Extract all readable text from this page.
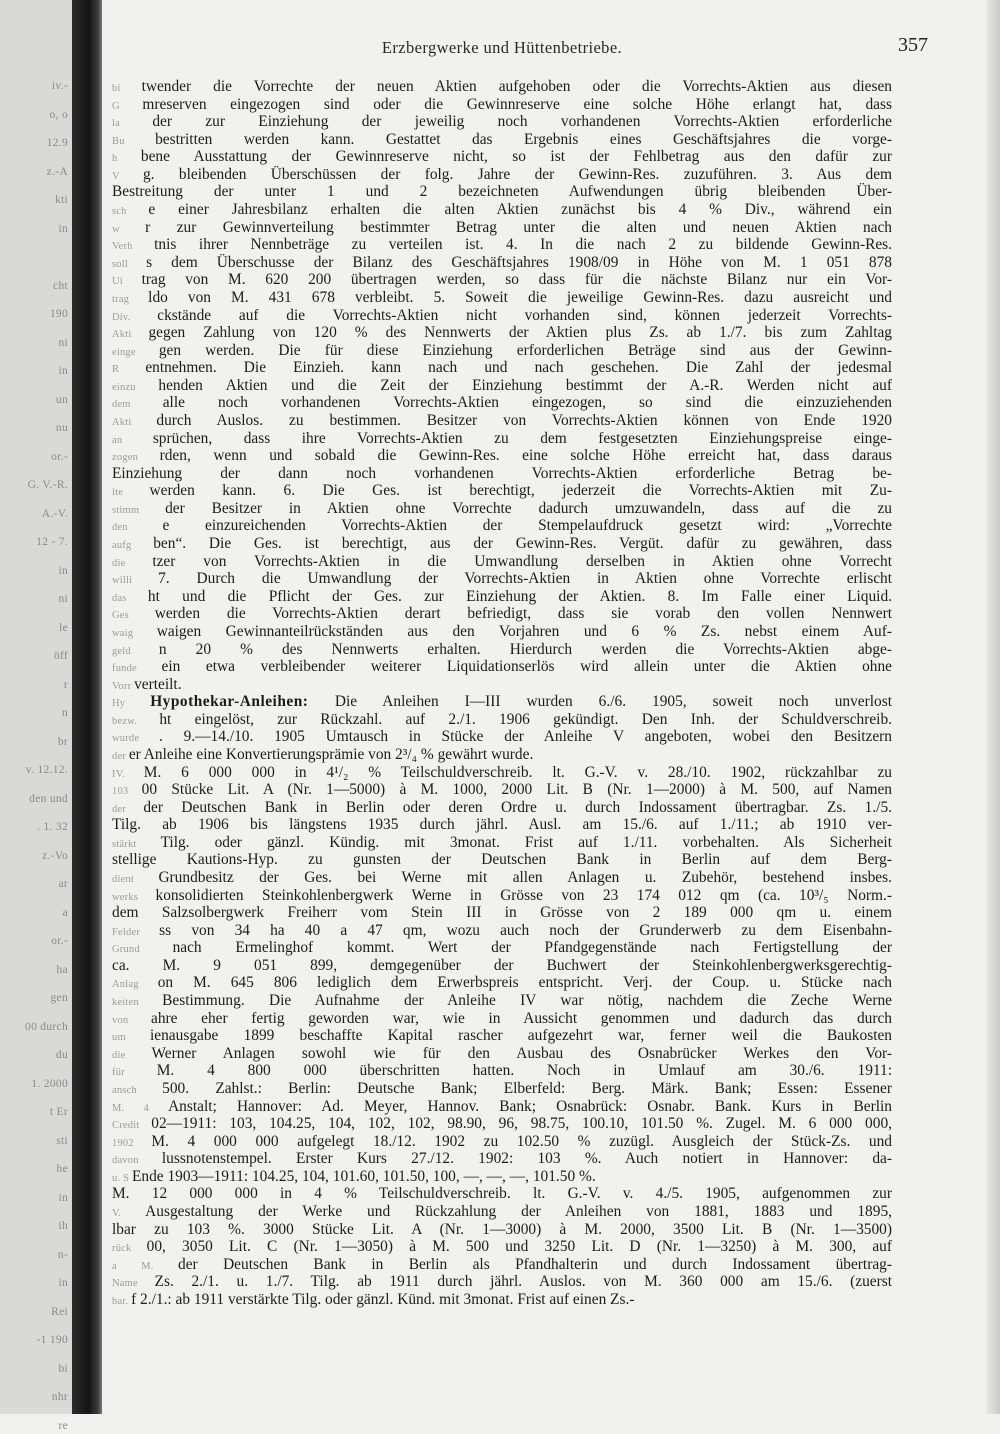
iv.-
o, o
12.9
z.-A
kti
in
cht
190
ni
in
un
nu
or.-
G. V.-R.
A.-V.
12 - 7.
in
ni
le
öff
r
n
br
v. 12.12.
den und
. 1. 32
z.-Vo
ar
a
or.-
ha
gen
00 durch
du
1. 2000
t Er
sti
he
in
ih
n-
in
Rei
-1 190
bi
nhr
re
Erzbergwerke und Hüttenbetriebe.	357
bi twender die Vorrechte der neuen Aktien aufgehoben oder die Vorrechts-Aktien aus diesen
G mreserven eingezogen sind oder die Gewinnreserve eine solche Höhe erlangt hat, dass
la der zur Einziehung der jeweilig noch vorhandenen Vorrechts-Aktien erforderliche
Bu bestritten werden kann. Gestattet das Ergebnis eines Geschäftsjahres die vorge-
h bene Ausstattung der Gewinnreserve nicht, so ist der Fehlbetrag aus den dafür zur
V g. bleibenden Überschüssen der folg. Jahre der Gewinn-Res. zuzuführen. 3. Aus dem
Bestreitung der unter 1 und 2 bezeichneten Aufwendungen übrig bleibenden Über-
sch e einer Jahresbilanz erhalten die alten Aktien zunächst bis 4 % Div., während ein
w r zur Gewinnverteilung bestimmter Betrag unter die alten und neuen Aktien nach
Verh tnis ihrer Nennbeträge zu verteilen ist. 4. In die nach 2 zu bildende Gewinn-Res.
soll s dem Überschusse der Bilanz des Geschäftsjahres 1908/09 in Höhe von M. 1 051 878
Ui trag von M. 620 200 übertragen werden, so dass für die nächste Bilanz nur ein Vor-
trag ldo von M. 431 678 verbleibt. 5. Soweit die jeweilige Gewinn-Res. dazu ausreicht und
Div. ckstände auf die Vorrechts-Aktien nicht vorhanden sind, können jederzeit Vorrechts-
Akti gegen Zahlung von 120 % des Nennwerts der Aktien plus Zs. ab 1./7. bis zum Zahltag
einge gen werden. Die für diese Einziehung erforderlichen Beträge sind aus der Gewinn-
R entnehmen. Die Einzieh. kann nach und nach geschehen. Die Zahl der jedesmal
einzu henden Aktien und die Zeit der Einziehung bestimmt der A.-R. Werden nicht auf
dem alle noch vorhandenen Vorrechts-Aktien eingezogen, so sind die einzuziehenden
Akti durch Auslos. zu bestimmen. Besitzer von Vorrechts-Aktien können von Ende 1920
an sprüchen, dass ihre Vorrechts-Aktien zu dem festgesetzten Einziehungspreise einge-
zogen rden, wenn und sobald die Gewinn-Res. eine solche Höhe erreicht hat, dass daraus
Einziehung der dann noch vorhandenen Vorrechts-Aktien erforderliche Betrag be-
ite werden kann. 6. Die Ges. ist berechtigt, jederzeit die Vorrechts-Aktien mit Zu-
stimm der Besitzer in Aktien ohne Vorrechte dadurch umzuwandeln, dass auf die zu
den e einzureichenden Vorrechts-Aktien der Stempelaufdruck gesetzt wird: „Vorrechte
aufg ben“. Die Ges. ist berechtigt, aus der Gewinn-Res. Vergüt. dafür zu gewähren, dass
die tzer von Vorrechts-Aktien in die Umwandlung derselben in Aktien ohne Vorrecht
willi 7. Durch die Umwandlung der Vorrechts-Aktien in Aktien ohne Vorrechte erlischt
das ht und die Pflicht der Ges. zur Einziehung der Aktien. 8. Im Falle einer Liquid.
Ges werden die Vorrechts-Aktien derart befriedigt, dass sie vorab den vollen Nennwert
waig waigen Gewinnanteilrückständen aus den Vorjahren und 6 % Zs. nebst einem Auf-
geld n 20 % des Nennwerts erhalten. Hierdurch werden die Vorrechts-Aktien abge-
funde ein etwa verbleibender weiterer Liquidationserlös wird allein unter die Aktien ohne
Vorr verteilt.
Hy Hypothekar-Anleihen: Die Anleihen I—III wurden 6./6. 1905, soweit noch unverlost
bezw. ht eingelöst, zur Rückzahl. auf 2./1. 1906 gekündigt. Den Inh. der Schuldverschreib.
wurde . 9.—14./10. 1905 Umtausch in Stücke der Anleihe V angeboten, wobei den Besitzern
der er Anleihe eine Konvertierungsprämie von 2³/₄ % gewährt wurde.
IV. M. 6 000 000 in 4¹/₂ % Teilschuldverschreib. lt. G.-V. v. 28./10. 1902, rückzahlbar zu
103 00 Stücke Lit. A (Nr. 1—5000) à M. 1000, 2000 Lit. B (Nr. 1—2000) à M. 500, auf Namen
der der Deutschen Bank in Berlin oder deren Ordre u. durch Indossament übertragbar. Zs. 1./5.
Tilg. ab 1906 bis längstens 1935 durch jährl. Ausl. am 15./6. auf 1./11.; ab 1910 ver-
stärkt Tilg. oder gänzl. Kündig. mit 3monat. Frist auf 1./11. vorbehalten. Als Sicherheit
stellige Kautions-Hyp. zu gunsten der Deutschen Bank in Berlin auf dem Berg-
dient Grundbesitz der Ges. bei Werne mit allen Anlagen u. Zubehör, bestehend insbes.
werks konsolidierten Steinkohlenbergwerk Werne in Grösse von 23 174 012 qm (ca. 10³/₅ Norm.-
dem Salzsolbergwerk Freiherr vom Stein III in Grösse von 2 189 000 qm u. einem
Felder ss von 34 ha 40 a 47 qm, wozu auch noch der Grunderwerb zu dem Eisenbahn-
Grund nach Ermelinghof kommt. Wert der Pfandgegenstände nach Fertigstellung der
ca. M. 9 051 899, demgegenüber der Buchwert der Steinkohlenbergwerksgerechtig-
Anlag on M. 645 806 lediglich dem Erwerbspreis entspricht. Verj. der Coup. u. Stücke nach
keiten Bestimmung. Die Aufnahme der Anleihe IV war nötig, nachdem die Zeche Werne
von ahre eher fertig geworden war, wie in Aussicht genommen und dadurch das durch
um ienausgabe 1899 beschaffte Kapital rascher aufgezehrt war, ferner weil die Baukosten
die Werner Anlagen sowohl wie für den Ausbau des Osnabrücker Werkes den Vor-
für M. 4 800 000 überschritten hatten. Noch in Umlauf am 30./6. 1911:
ansch 500. Zahlst.: Berlin: Deutsche Bank; Elberfeld: Berg. Märk. Bank; Essen: Essener
M. 4 Anstalt; Hannover: Ad. Meyer, Hannov. Bank; Osnabrück: Osnabr. Bank. Kurs in Berlin
Credit 02—1911: 103, 104.25, 104, 102, 102, 98.90, 96, 98.75, 100.10, 101.50 %. Zugel. M. 6 000 000,
1902 M. 4 000 000 aufgelegt 18./12. 1902 zu 102.50 % zuzügl. Ausgleich der Stück-Zs. und
davon lussnotenstempel. Erster Kurs 27./12. 1902: 103 %. Auch notiert in Hannover: da-
u. S Ende 1903—1911: 104.25, 104, 101.60, 101.50, 100, —, —, —, 101.50 %.
M. 12 000 000 in 4 % Teilschuldverschreib. lt. G.-V. v. 4./5. 1905, aufgenommen zur
V. Ausgestaltung der Werke und Rückzahlung der Anleihen von 1881, 1883 und 1895,
lbar zu 103 %. 3000 Stücke Lit. A (Nr. 1—3000) à M. 2000, 3500 Lit. B (Nr. 1—3500)
rück 00, 3050 Lit. C (Nr. 1—3050) à M. 500 und 3250 Lit. D (Nr. 1—3250) à M. 300, auf
a M. der Deutschen Bank in Berlin als Pfandhalterin und durch Indossament übertrag-
Name Zs. 2./1. u. 1./7. Tilg. ab 1911 durch jährl. Auslos. von M. 360 000 am 15./6. (zuerst
bar. f 2./1.: ab 1911 verstärkte Tilg. oder gänzl. Künd. mit 3monat. Frist auf einen Zs.-
